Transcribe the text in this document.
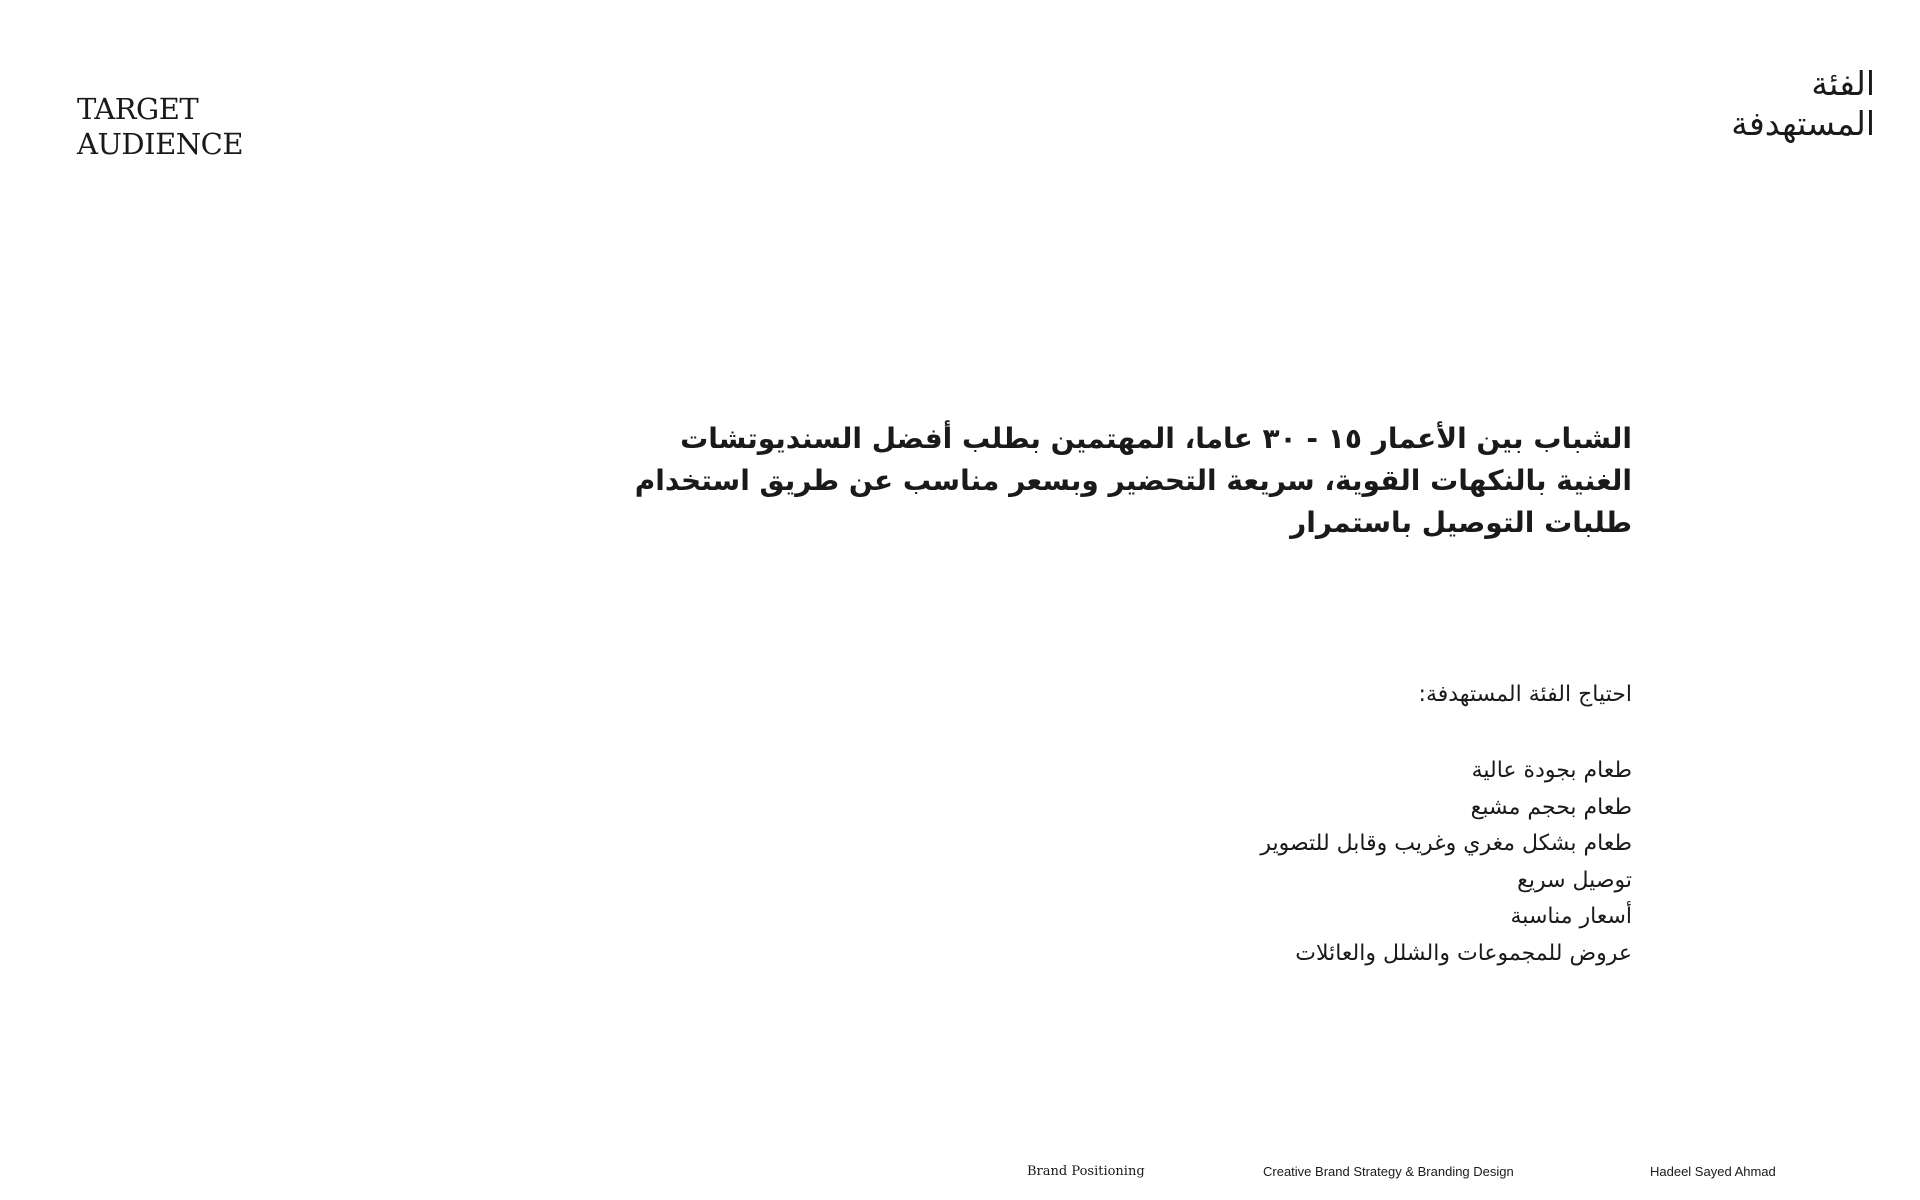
TARGET
AUDIENCE
الفئة
المستهدفة

الشباب بين الأعمار ١٥ - ٣٠ عاما، المهتمين بطلب أفضل السنديوتشات الغنية بالنكهات القوية، سريعة التحضير وبسعر مناسب عن طريق استخدام طلبات التوصيل باستمرار

احتياج الفئة المستهدفة:

طعام بجودة عالية
طعام بحجم مشبع
طعام بشكل مغري وغريب وقابل للتصوير
توصيل سريع
أسعار مناسبة
عروض للمجموعات والشلل والعائلات
Brand Positioning	Creative Brand Strategy & Branding Design	Hadeel Sayed Ahmad
